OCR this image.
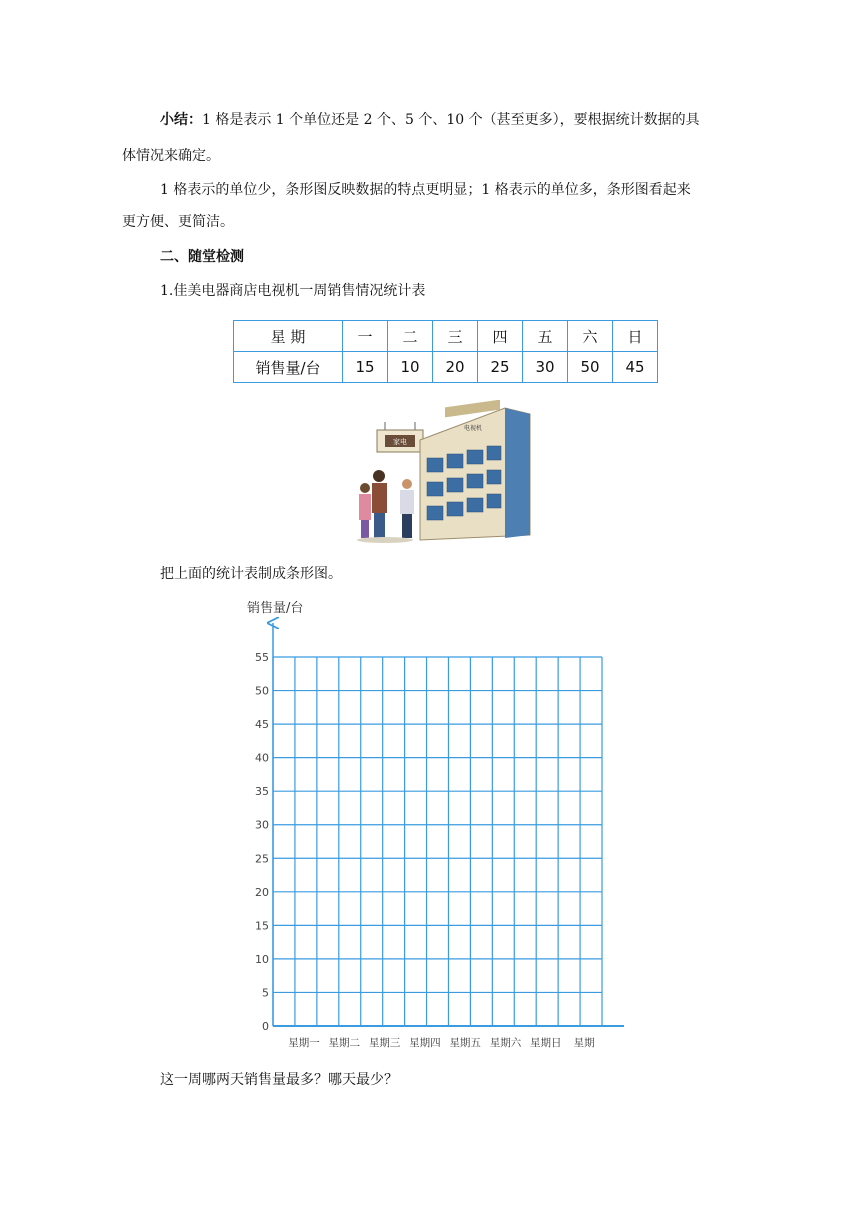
小结：1 格是表示 1 个单位还是 2 个、5 个、10 个（甚至更多），要根据统计数据的具

体情况来确定。

1 格表示的单位少，条形图反映数据的特点更明显；1 格表示的单位多，条形图看起来

更方便、更简洁。

二、随堂检测

1.佳美电器商店电视机一周销售情况统计表

星 期	一	二	三	四	五	六	日
销售量/台	15	10	20	25	30	50	45
家电
电视机

把上面的统计表制成条形图。

0
5
10
15
20
25
30
35
40
45
50
55
星期一 星期二 星期三 星期四 星期五 星期六 星期日 星期
销售量/台

这一周哪两天销售量最多？哪天最少？
